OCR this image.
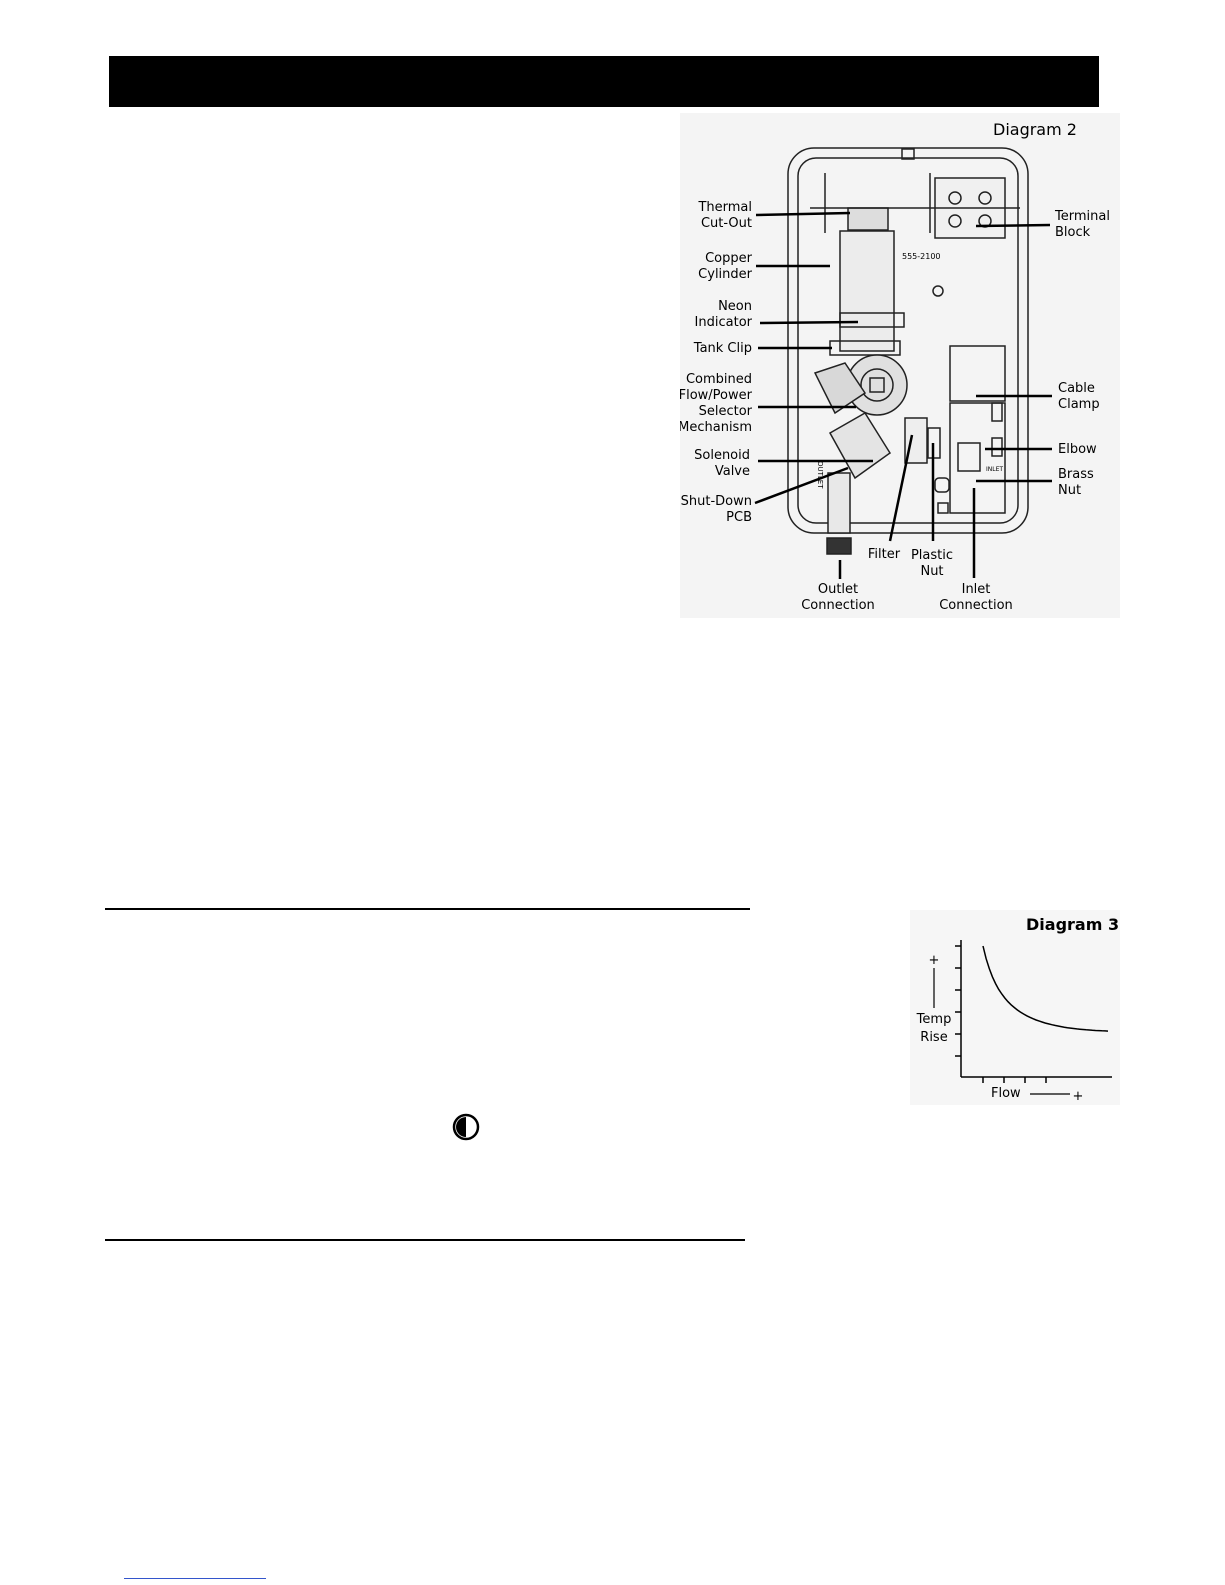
Diagram 2
555-2100
OUTLET	INLET
Thermal
Cut-Out
Copper
Cylinder
Neon
Indicator
Tank Clip
Combined
Flow/Power
Selector
Mechanism
Solenoid
Valve
Shut-Down
PCB
Outlet
Connection
Filter Plastic
Nut
Inlet
Connection
Terminal
Block
Cable
Clamp
Elbow
Brass
Nut
Diagram 3
+
Temp
Rise
Flow	+
